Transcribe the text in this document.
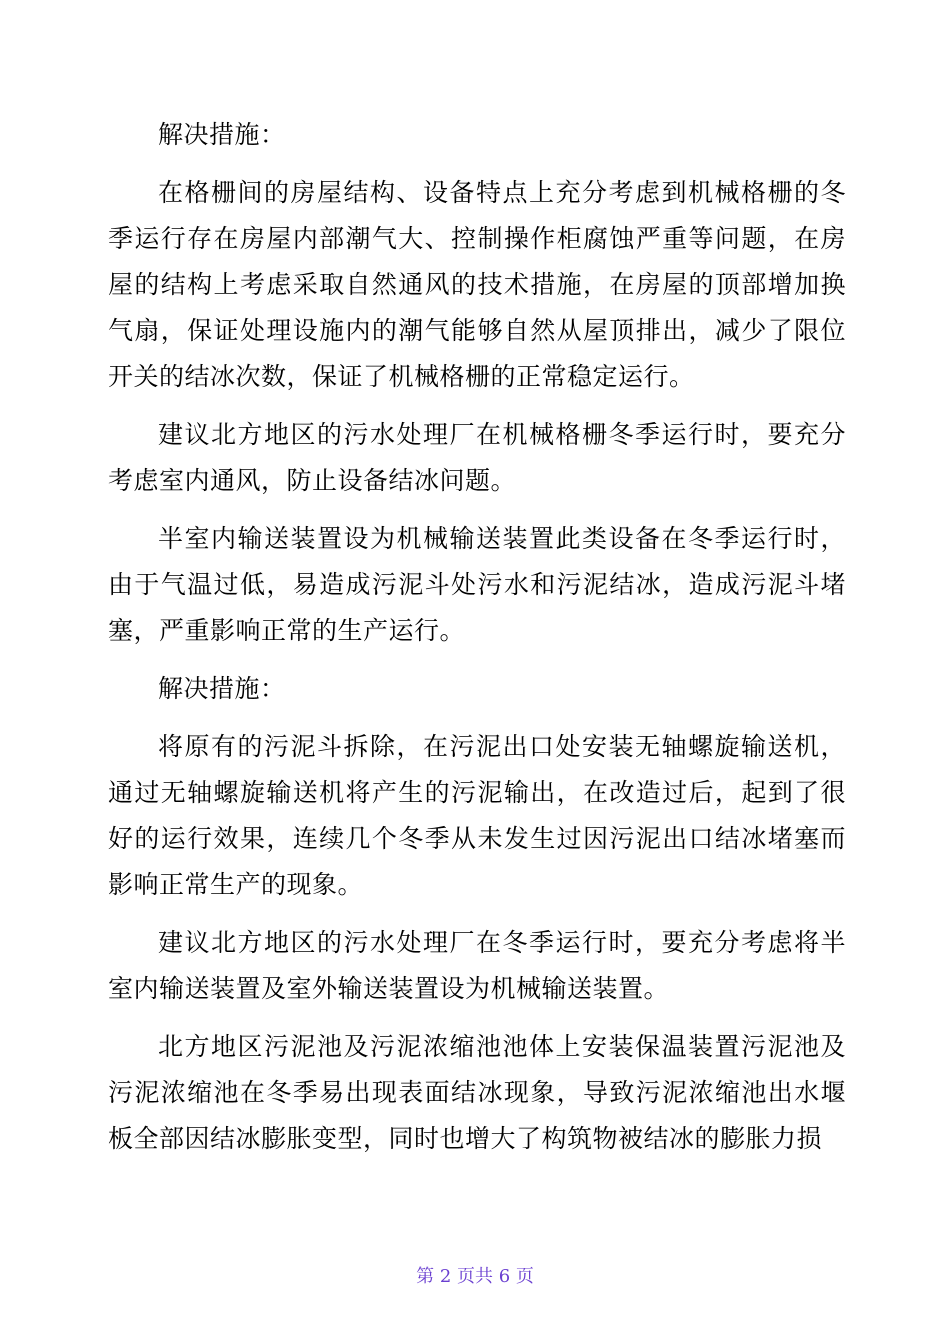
解决措施：

在格栅间的房屋结构、设备特点上充分考虑到机械格栅的冬季运行存在房屋内部潮气大、控制操作柜腐蚀严重等问题，在房屋的结构上考虑采取自然通风的技术措施，在房屋的顶部增加换气扇，保证处理设施内的潮气能够自然从屋顶排出，减少了限位开关的结冰次数，保证了机械格栅的正常稳定运行。

建议北方地区的污水处理厂在机械格栅冬季运行时，要充分考虑室内通风，防止设备结冰问题。

半室内输送装置设为机械输送装置此类设备在冬季运行时，由于气温过低，易造成污泥斗处污水和污泥结冰，造成污泥斗堵塞，严重影响正常的生产运行。

解决措施：

将原有的污泥斗拆除，在污泥出口处安装无轴螺旋输送机，通过无轴螺旋输送机将产生的污泥输出，在改造过后，起到了很好的运行效果，连续几个冬季从未发生过因污泥出口结冰堵塞而影响正常生产的现象。

建议北方地区的污水处理厂在冬季运行时，要充分考虑将半室内输送装置及室外输送装置设为机械输送装置。

北方地区污泥池及污泥浓缩池池体上安装保温装置污泥池及污泥浓缩池在冬季易出现表面结冰现象，导致污泥浓缩池出水堰板全部因结冰膨胀变型，同时也增大了构筑物被结冰的膨胀力损

第 2 页共 6 页
